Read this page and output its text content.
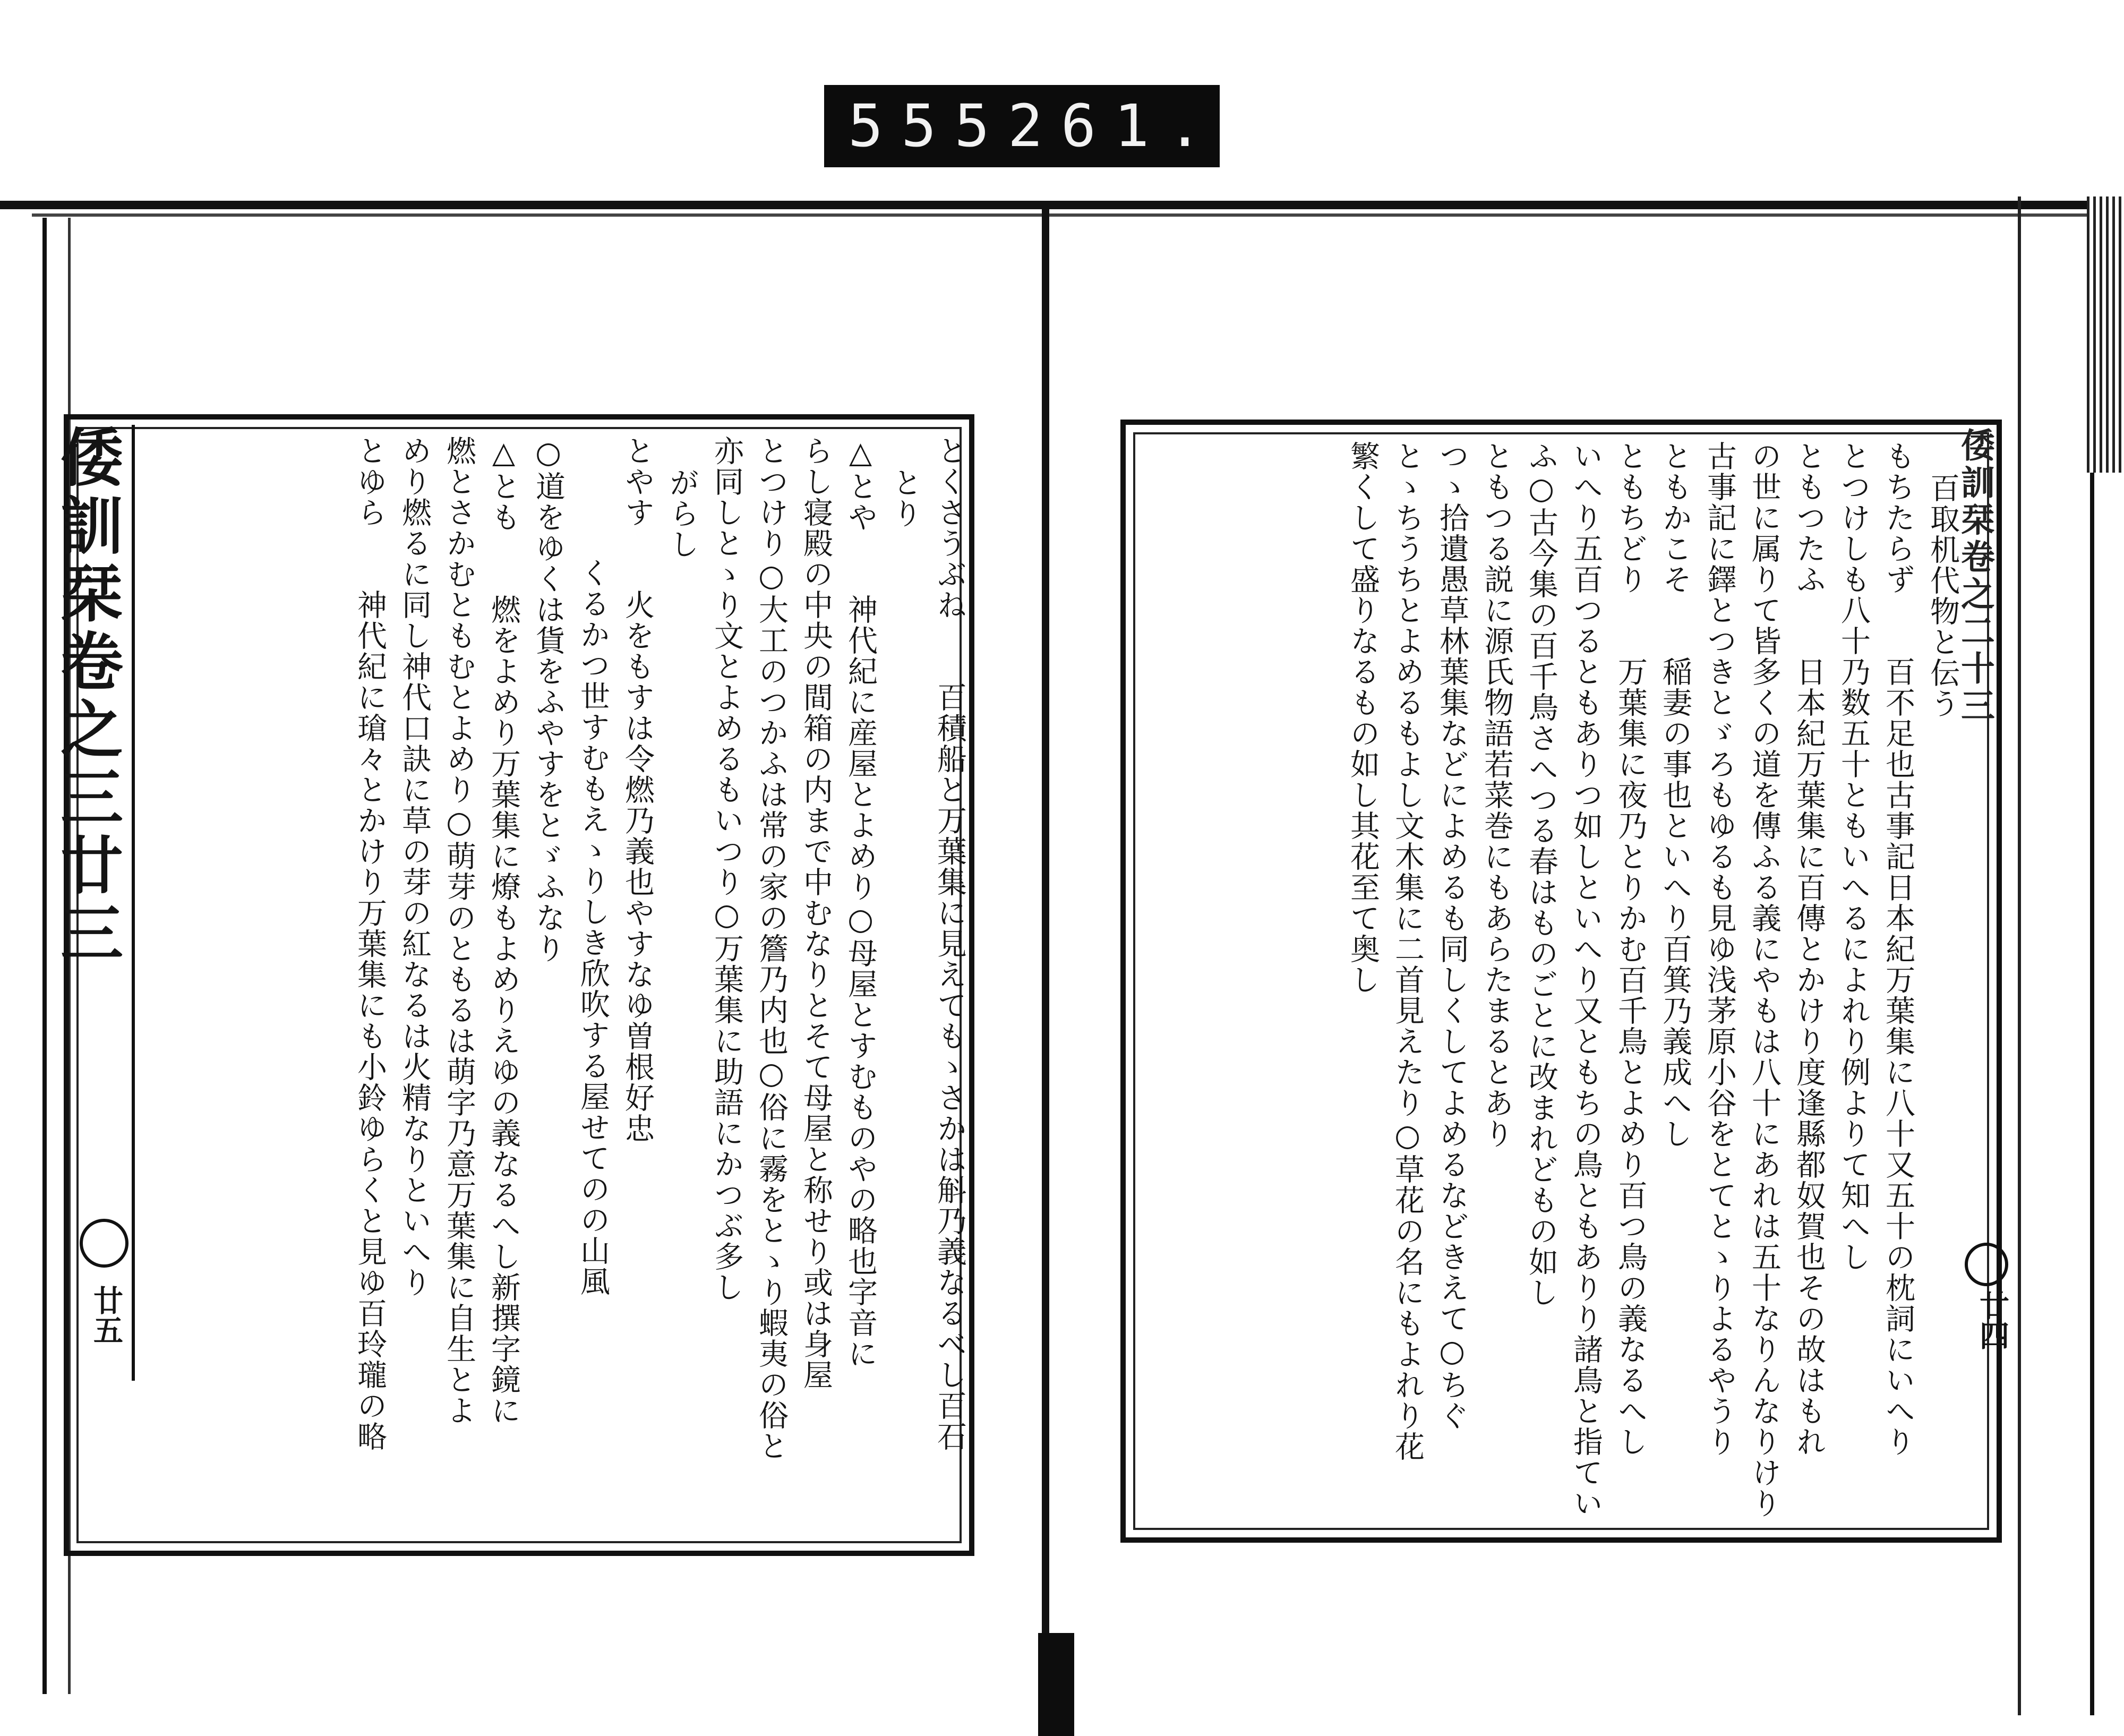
555 261.
倭訓栞卷之三廿三
廿五	とくさうぶね　　百積船と万葉集に見えてもゝさかは斛乃義なるべし百石
とり
△とや　　神代紀に産屋とよめり○母屋とすむものやの略也字音に
らし寝殿の中央の間箱の内まで中むなりとそて母屋と称せり或は身屋
とつけり○大工のつかふは常の家の簷乃内也○俗に霧をとゝり蝦夷の俗と
亦同しとゝり文とよめるもいつり○万葉集に助語にかつぶ多し
がらし
とやす　　火をもすは令燃乃義也やすなゆ曽根好忠
くるかつ世すむもえゝりしき欣吹する屋せてのの山風
○道をゆくは貨をふやすをとゞふなり
△とも　　燃をよめり万葉集に燎もよめりえゆの義なるへし新撰字鏡に
燃とさかむともむとよめり○萌芽のともるは萌字乃意万葉集に自生とよ
めり燃るに同し神代口訣に草の芽の紅なるは火精なりといへり
とゆら　　神代紀に瑲々とかけり万葉集にも小鈴ゆらくと見ゆ百玲瓏の略	倭訓栞卷之二十三
廿四
百取机代物と伝う
もちたらず　　百不足也古事記日本紀万葉集に八十又五十の枕詞にいへり
とつけしも八十乃数五十ともいへるによれり例よりて知へし
ともつたふ　　日本紀万葉集に百傳とかけり度逢縣都奴賀也その故はもれ
の世に属りて皆多くの道を傳ふる義にやもは八十にあれは五十なりんなりけり
古事記に鐸とつきとゞろもゆるも見ゆ浅茅原小谷をとてとゝりよるやうり
ともかこそ　　稲妻の事也といへり百箕乃義成へし
ともちどり　　万葉集に夜乃とりかむ百千鳥とよめり百つ鳥の義なるへし
いへり五百つるともありつ如しといへり又ともちの鳥ともありり諸鳥と指てい
ふ○古今集の百千鳥さへつる春はものごとに改まれどもの如し
ともつる説に源氏物語若菜巻にもあらたまるとあり
つゝ拾遺愚草林葉集などによめるも同しくしてよめるなどきえて○ちぐ
とゝちうちとよめるもよし文木集に二首見えたり○草花の名にもよれり花
繁くして盛りなるもの如し其花至て奥し
